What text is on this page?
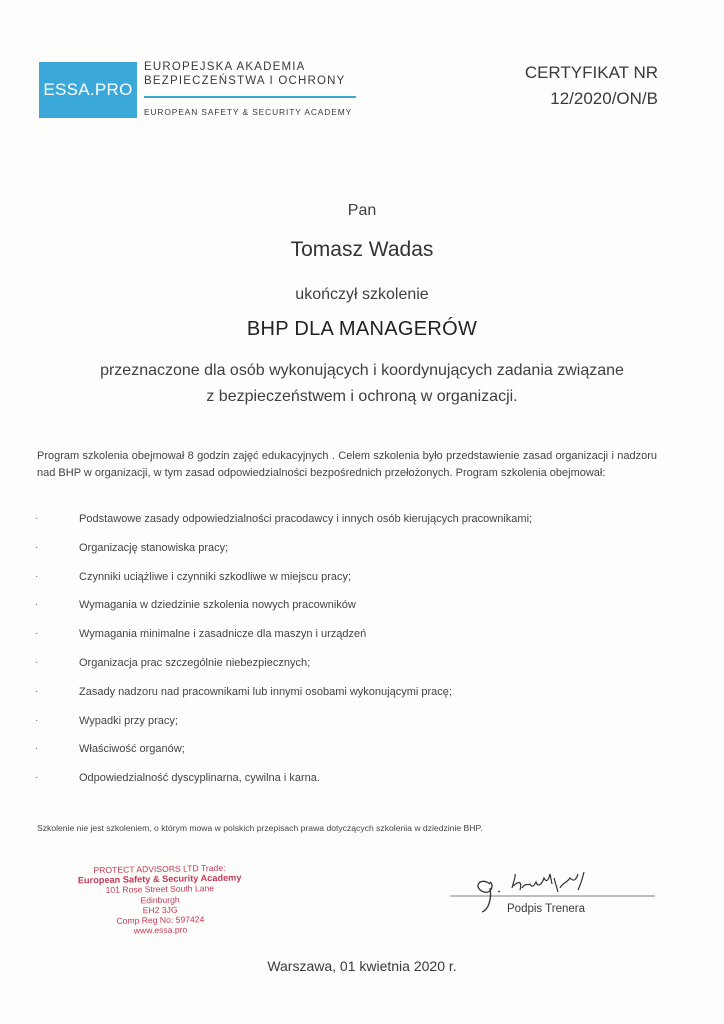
ESSA.PRO
EUROPEJSKA AKADEMIA
BEZPIECZEŃSTWA I OCHRONY
EUROPEAN SAFETY & SECURITY ACADEMY
CERTYFIKAT NR
12/2020/ON/B
Pan
Tomasz Wadas
ukończył szkolenie
BHP DLA MANAGERÓW
przeznaczone dla osób wykonujących i koordynujących zadania związane
z bezpieczeństwem i ochroną w organizacji.
Program szkolenia obejmował 8 godzin zajęć edukacyjnych . Celem szkolenia było przedstawienie zasad organizacji i nadzoru nad BHP w organizacji, w tym zasad odpowiedzialności bezpośrednich przełożonych. Program szkolenia obejmował:
·	Podstawowe zasady odpowiedzialności pracodawcy i innych osób kierujących pracownikami;
·	Organizację stanowiska pracy;
·	Czynniki uciążliwe i czynniki szkodliwe w miejscu pracy;
·	Wymagania w dziedzinie szkolenia nowych pracowników
·	Wymagania minimalne i zasadnicze dla maszyn i urządzeń
·	Organizacja prac szczególnie niebezpiecznych;
·	Zasady nadzoru nad pracownikami lub innymi osobami wykonującymi pracę;
·	Wypadki przy pracy;
·	Właściwość organów;
·	Odpowiedzialność dyscyplinarna, cywilna i karna.
Szkolenie nie jest szkoleniem, o którym mowa w polskich przepisach prawa dotyczących szkolenia w dziedzinie BHP.
PROTECT ADVISORS LTD Trade:
European Safety & Security Academy
101 Rose Street South Lane
Edinburgh
EH2 3JG
Comp Reg No: 597424
www.essa.pro
Podpis Trenera
Warszawa, 01 kwietnia 2020 r.
